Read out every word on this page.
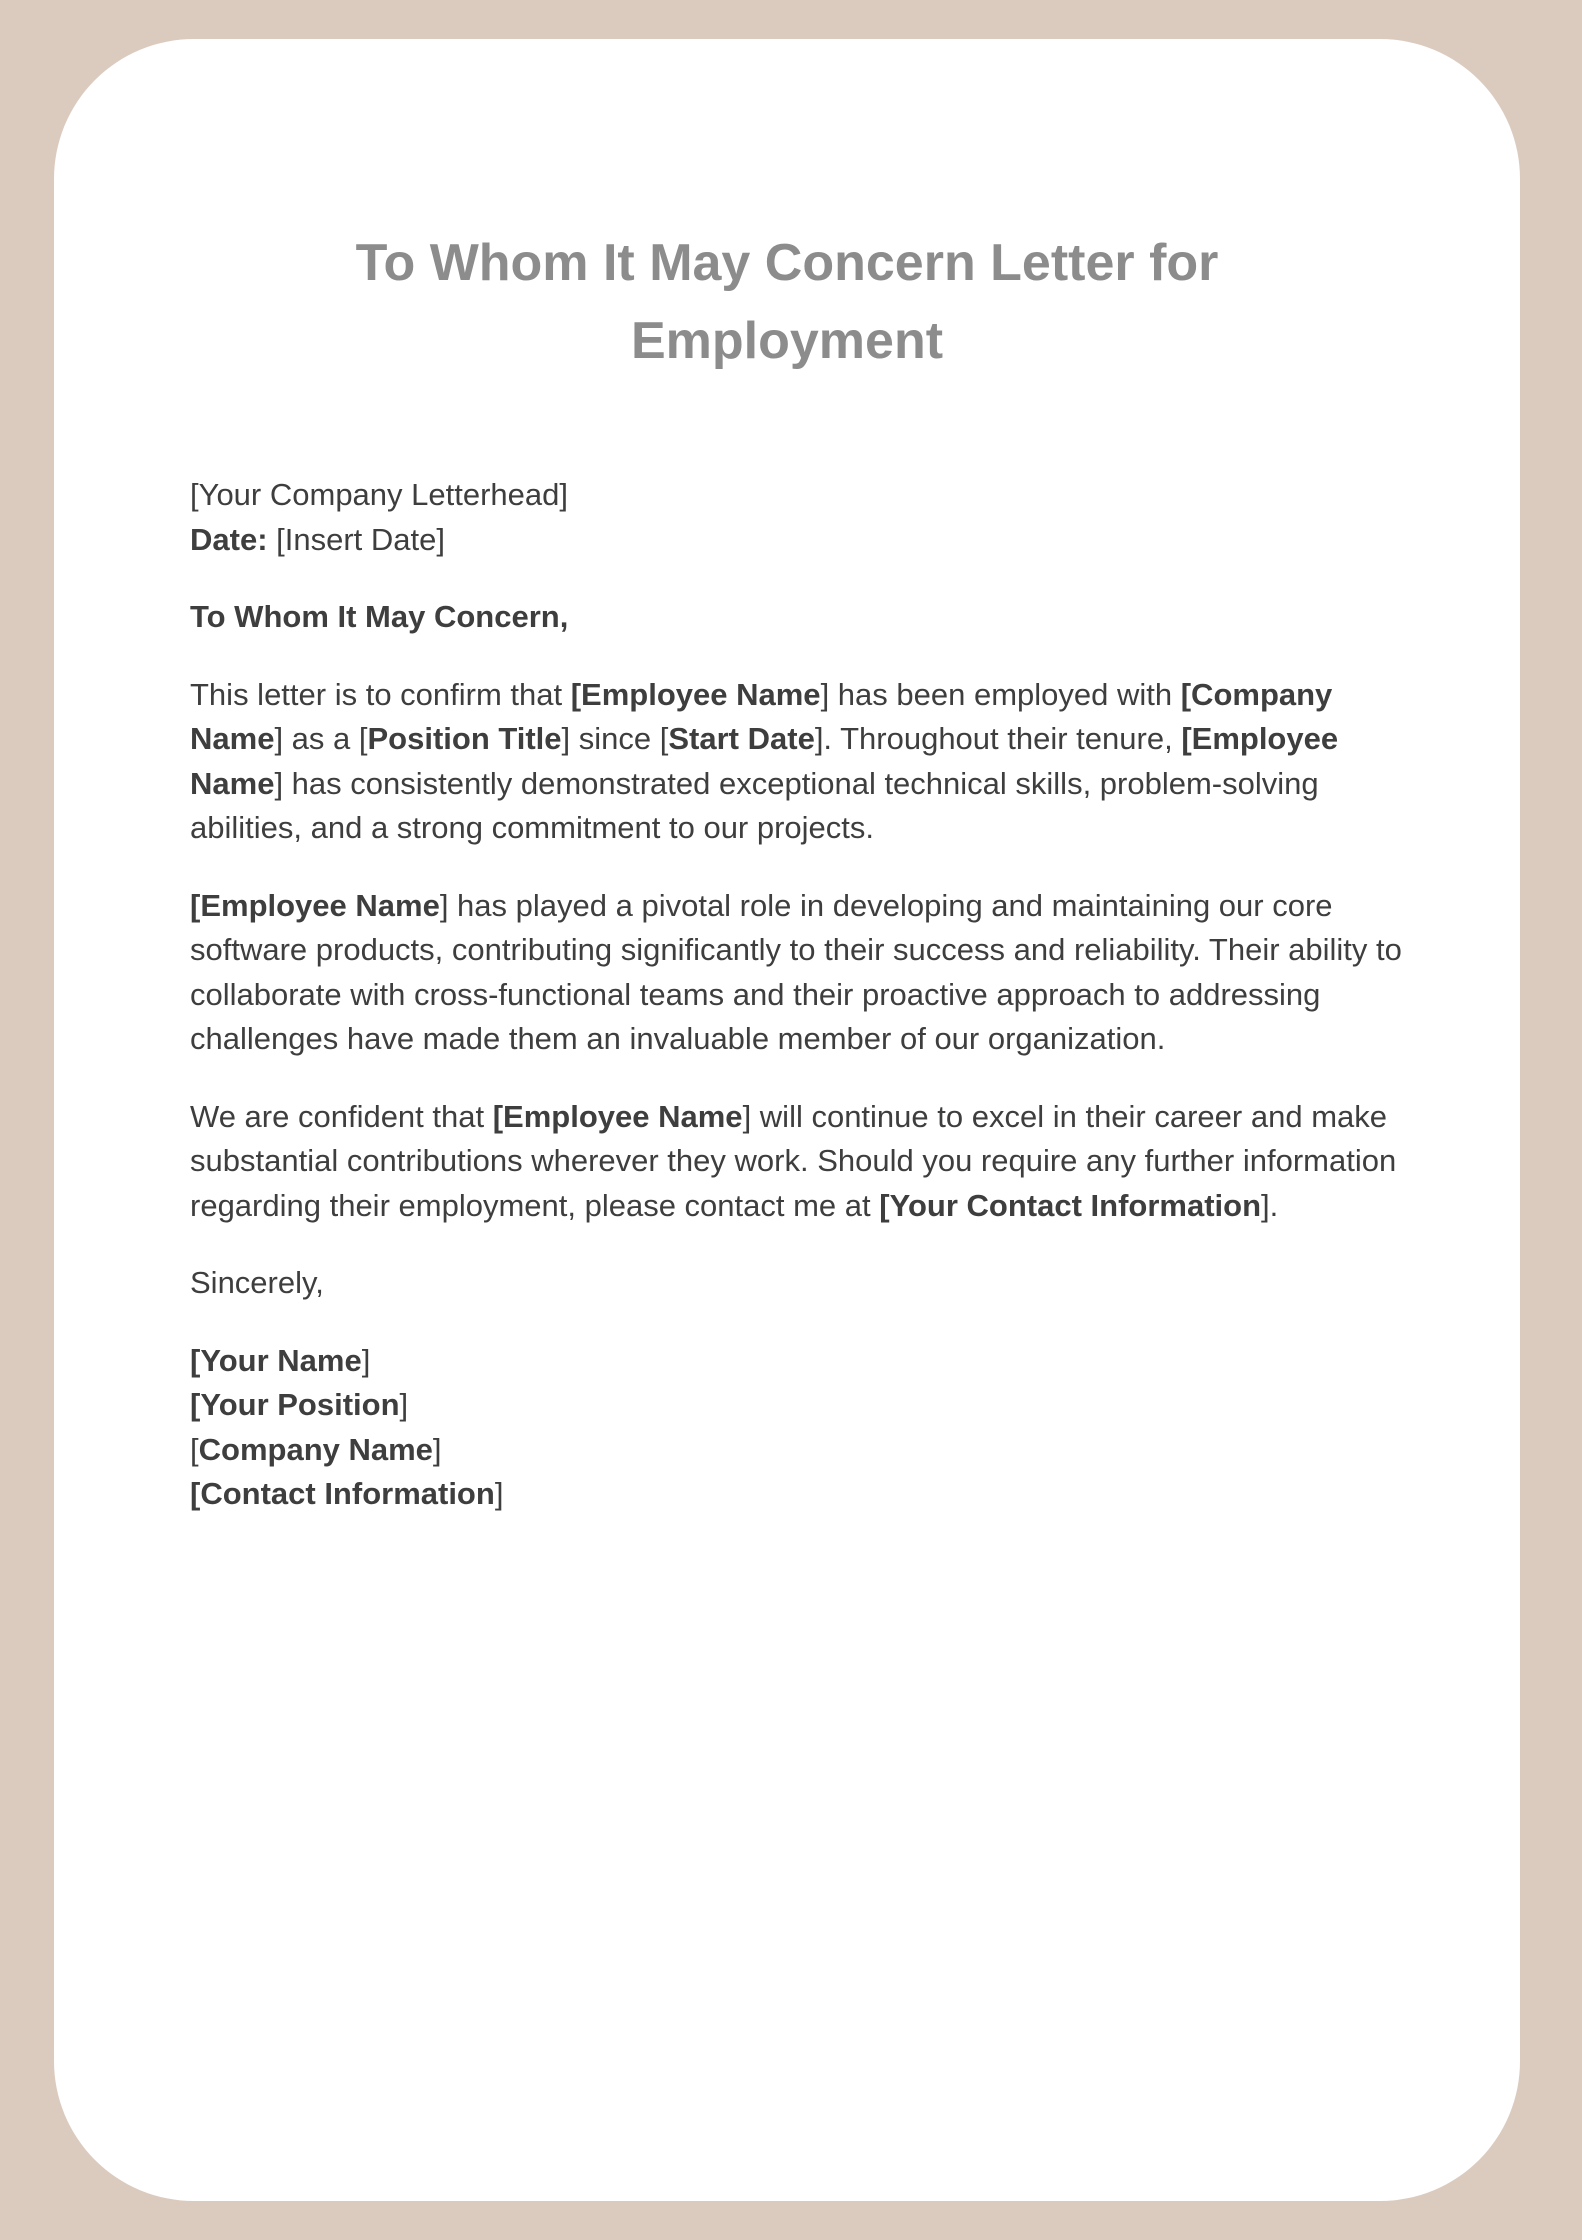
To Whom It May Concern Letter for
Employment

[Your Company Letterhead]

Date: [Insert Date]

To Whom It May Concern,

This letter is to confirm that [Employee Name] has been employed with [Company Name] as a [Position Title] since [Start Date]. Throughout their tenure, [Employee Name] has consistently demonstrated exceptional technical skills, problem-solving abilities, and a strong commitment to our projects.

[Employee Name] has played a pivotal role in developing and maintaining our core software products, contributing significantly to their success and reliability. Their ability to collaborate with cross-functional teams and their proactive approach to addressing challenges have made them an invaluable member of our organization.

We are confident that [Employee Name] will continue to excel in their career and make substantial contributions wherever they work. Should you require any further information regarding their employment, please contact me at [Your Contact Information].

Sincerely,

[Your Name]

[Your Position]

[Company Name]

[Contact Information]
